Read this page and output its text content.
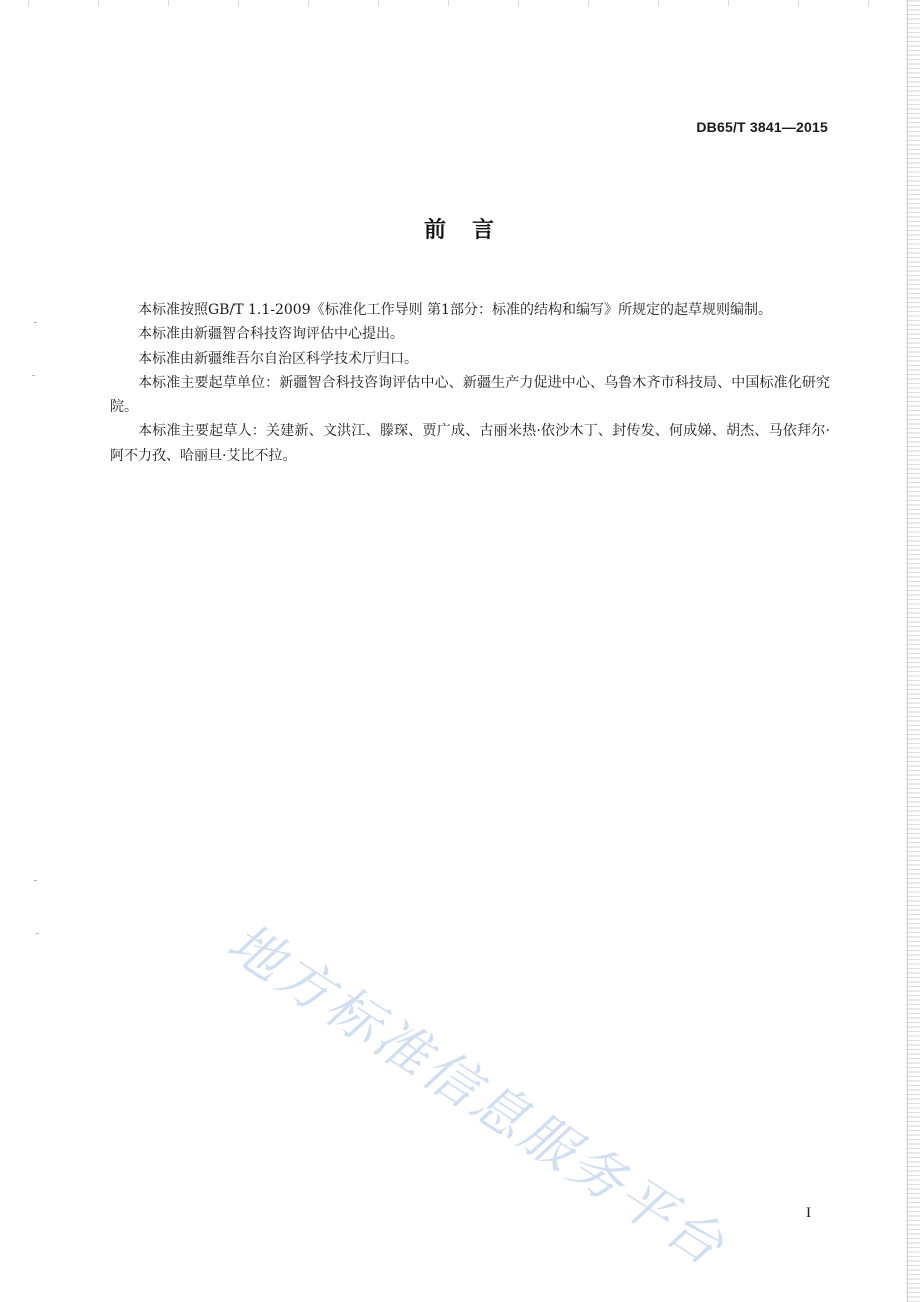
DB65/T 3841—2015
前　言

本标准按照GB/T 1.1-2009《标准化工作导则 第1部分：标准的结构和编写》所规定的起草规则编制。

本标准由新疆智合科技咨询评估中心提出。

本标准由新疆维吾尔自治区科学技术厅归口。

本标准主要起草单位：新疆智合科技咨询评估中心、新疆生产力促进中心、乌鲁木齐市科技局、中国标准化研究院。

本标准主要起草人：关建新、文洪江、滕琛、贾广成、古丽米热·依沙木丁、封传发、何成娣、胡杰、马依拜尔·阿不力孜、哈丽旦·艾比不拉。

地方标准信息服务平台	I
